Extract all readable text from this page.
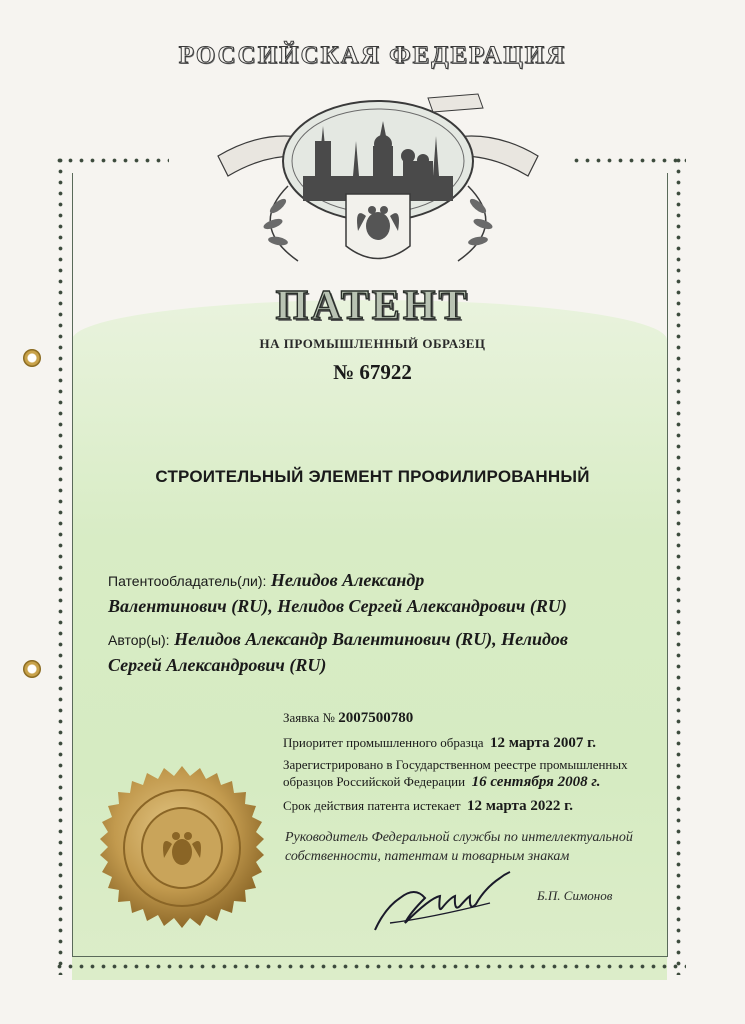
РОССИЙСКАЯ ФЕДЕРАЦИЯ
ПАТЕНТ
НА ПРОМЫШЛЕННЫЙ ОБРАЗЕЦ
№ 67922
СТРОИТЕЛЬНЫЙ ЭЛЕМЕНТ ПРОФИЛИРОВАННЫЙ
Патентообладатель(ли): Нелидов Александр
Валентинович (RU), Нелидов Сергей Александрович (RU)
Автор(ы): Нелидов Александр Валентинович (RU), Нелидов
Сергей Александрович (RU)
Заявка № 2007500780
Приоритет промышленного образца 12 марта 2007 г.
Зарегистрировано в Государственном реестре промышленных
образцов Российской Федерации 16 сентября 2008 г.
Срок действия патента истекает 12 марта 2022 г.
Руководитель Федеральной службы по интеллектуальной
собственности, патентам и товарным знакам
Б.П. Симонов
